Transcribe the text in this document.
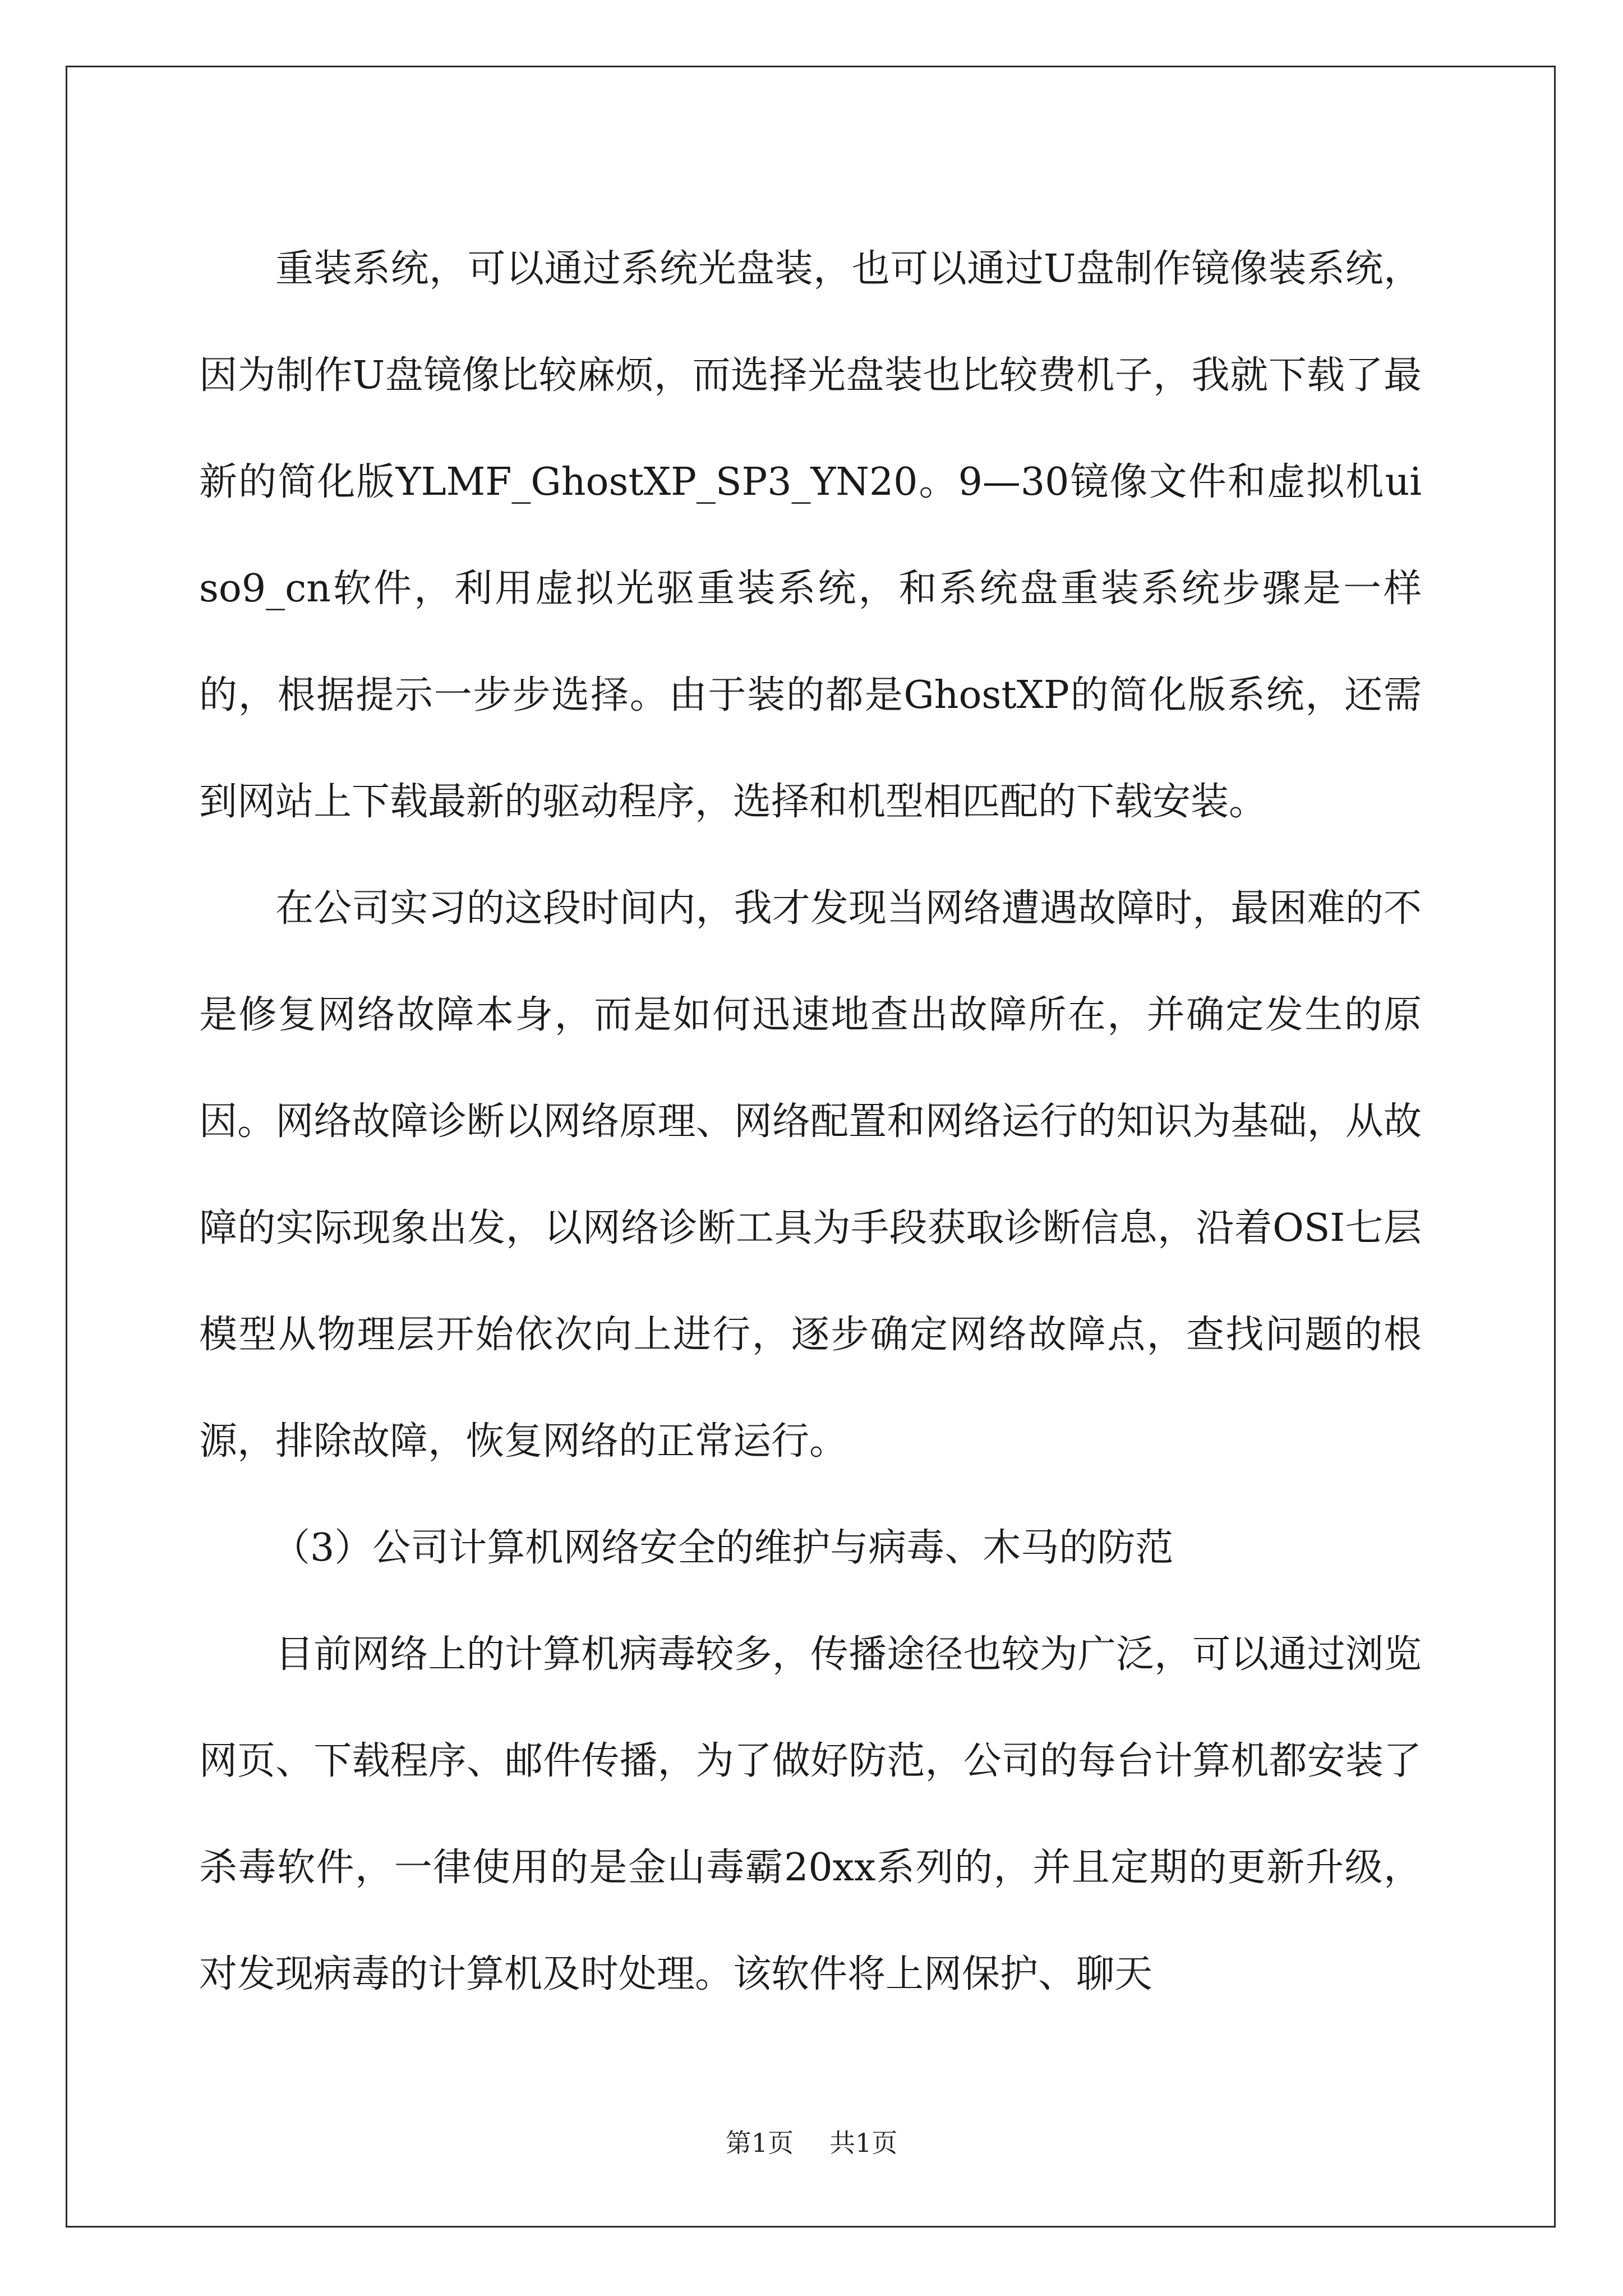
重装系统，可以通过系统光盘装，也可以通过U盘制作镜像装系统，因为制作U盘镜像比较麻烦，而选择光盘装也比较费机子，我就下载了最新的简化版YLMF_GhostXP_SP3_YN20。9—30镜像文件和虚拟机uiso9_cn软件，利用虚拟光驱重装系统，和系统盘重装系统步骤是一样的，根据提示一步步选择。由于装的都是GhostXP的简化版系统，还需到网站上下载最新的驱动程序，选择和机型相匹配的下载安装。

在公司实习的这段时间内，我才发现当网络遭遇故障时，最困难的不是修复网络故障本身，而是如何迅速地查出故障所在，并确定发生的原因。网络故障诊断以网络原理、网络配置和网络运行的知识为基础，从故障的实际现象出发，以网络诊断工具为手段获取诊断信息，沿着OSI七层模型从物理层开始依次向上进行，逐步确定网络故障点，查找问题的根源，排除故障，恢复网络的正常运行。

（3）公司计算机网络安全的维护与病毒、木马的防范

目前网络上的计算机病毒较多，传播途径也较为广泛，可以通过浏览网页、下载程序、邮件传播，为了做好防范，公司的每台计算机都安装了杀毒软件，一律使用的是金山毒霸20xx系列的，并且定期的更新升级，对发现病毒的计算机及时处理。该软件将上网保护、聊天

第1页 共1页
